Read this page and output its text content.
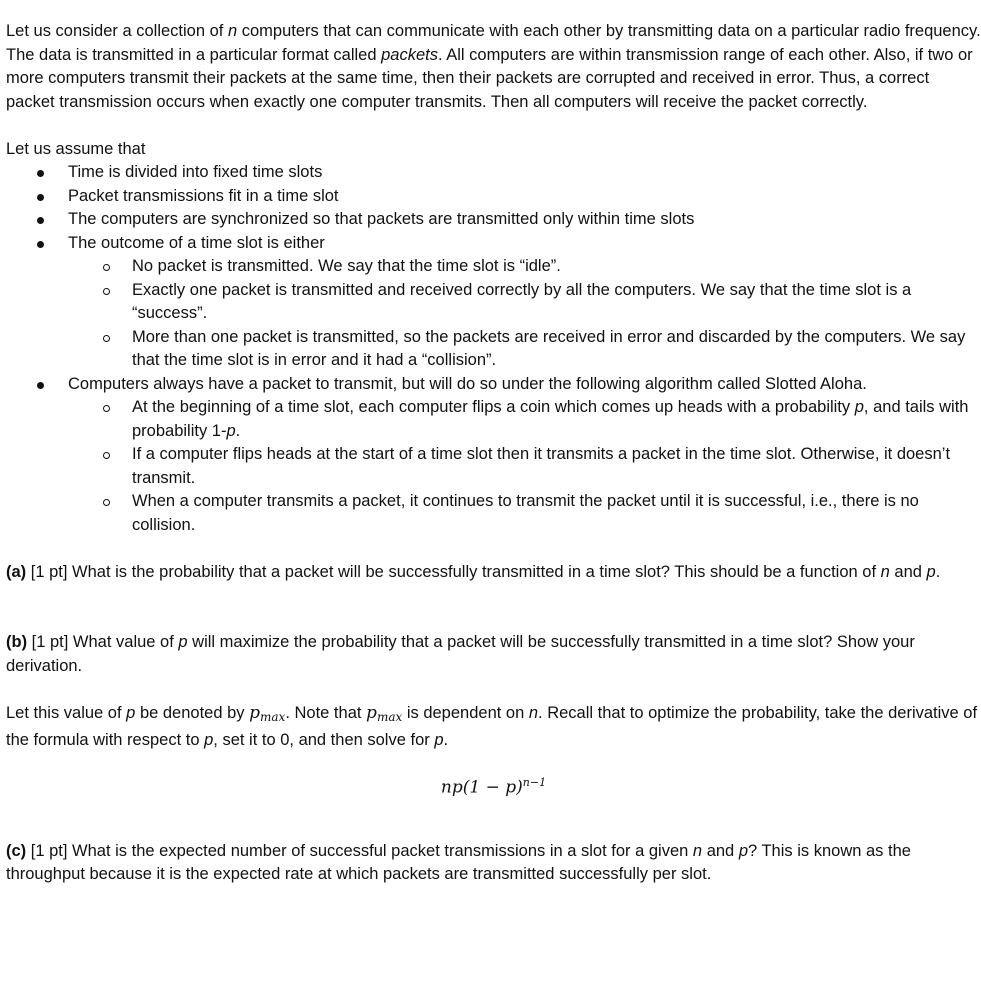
Let us consider a collection of n computers that can communicate with each other by transmitting data on a particular radio frequency. The data is transmitted in a particular format called packets. All computers are within transmission range of each other. Also, if two or more computers transmit their packets at the same time, then their packets are corrupted and received in error. Thus, a correct packet transmission occurs when exactly one computer transmits. Then all computers will receive the packet correctly.

Let us assume that

Time is divided into fixed time slots
Packet transmissions fit in a time slot
The computers are synchronized so that packets are transmitted only within time slots
The outcome of a time slot is either
No packet is transmitted. We say that the time slot is “idle”.
Exactly one packet is transmitted and received correctly by all the computers. We say that the time slot is a “success”.
More than one packet is transmitted, so the packets are received in error and discarded by the computers. We say that the time slot is in error and it had a “collision”.
Computers always have a packet to transmit, but will do so under the following algorithm called Slotted Aloha.
At the beginning of a time slot, each computer flips a coin which comes up heads with a probability p, and tails with probability 1-p.
If a computer flips heads at the start of a time slot then it transmits a packet in the time slot. Otherwise, it doesn’t transmit.
When a computer transmits a packet, it continues to transmit the packet until it is successful, i.e., there is no collision.

(a) [1 pt] What is the probability that a packet will be successfully transmitted in a time slot? This should be a function of n and p.

(b) [1 pt] What value of p will maximize the probability that a packet will be successfully transmitted in a time slot? Show your derivation.

Let this value of p be denoted by $p_{max}$. Note that $p_{max}$ is dependent on n. Recall that to optimize the probability, take the derivative of the formula with respect to p, set it to 0, and then solve for p.

$np(1 - p)^{n-1}$

(c) [1 pt] What is the expected number of successful packet transmissions in a slot for a given n and p? This is known as the throughput because it is the expected rate at which packets are transmitted successfully per slot.
